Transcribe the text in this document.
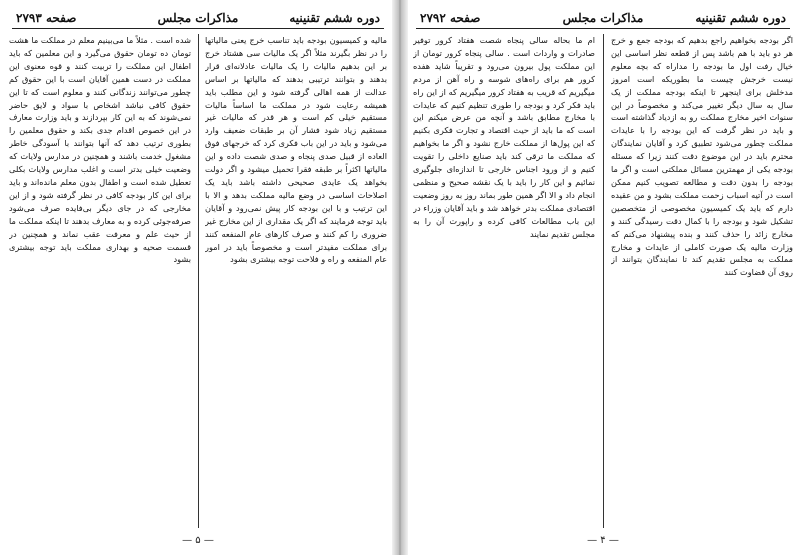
دوره ششم تقنینیه
مذاکرات مجلس
صفحه ۲۷۹۳
مالیه و کمیسیون بودجه باید تناسب خرج یعنی مالیاتها را در نظر بگیرند مثلاً اگر یک مالیات سی هشتاد خرج بر این بدهیم مالیات را یک مالیات عادلانه‌ای قرار بدهند و بتوانند ترتیبی بدهند که مالیاتها بر اساس عدالت از همه اهالی گرفته شود و این مطلب باید همیشه رعایت شود در مملکت ما اساساً مالیات مستقیم خیلی کم است و هر قدر که مالیات غیر مستقیم زیاد شود فشار آن بر طبقات ضعیف وارد می‌شود و باید در این باب فکری کرد که خرجهای فوق العاده از قبیل صدی پنجاه و صدی شصت داده و این مالیاتها اکثراً بر طبقه فقرا تحمیل میشود و اگر دولت بخواهد یک عایدی صحیحی داشته باشد باید یک اصلاحات اساسی در وضع مالیه مملکت بدهد و الا با این ترتیب و با این بودجه کار پیش نمی‌رود و آقایان باید توجه فرمایند که اگر یک مقداری از این مخارج غیر ضروری را کم کنند و صرف کارهای عام المنفعه کنند برای مملکت مفیدتر است و مخصوصاً باید در امور عام المنفعه و راه و فلاحت توجه بیشتری بشود
شده است . مثلاً ما می‌بینیم معلم در مملکت ما هشت تومان ده تومان حقوق می‌گیرد و این معلمین که باید اطفال این مملکت را تربیت کنند و قوه معنوی این مملکت در دست همین آقایان است با این حقوق کم چطور می‌توانند زندگانی کنند و معلوم است که تا این حقوق کافی نباشد اشخاص با سواد و لایق حاضر نمی‌شوند که به این کار بپردازند و باید وزارت معارف در این خصوص اقدام جدی بکند و حقوق معلمین را بطوری ترتیب دهد که آنها بتوانند با آسودگی خاطر مشغول خدمت باشند و همچنین در مدارس ولایات که وضعیت خیلی بدتر است و اغلب مدارس ولایات بکلی تعطیل شده است و اطفال بدون معلم مانده‌اند و باید برای این کار بودجه کافی در نظر گرفته شود و از این مخارجی که در جای دیگر بی‌فایده صرف می‌شود صرفه‌جوئی کرده و به معارف بدهند تا اینکه مملکت ما از حیث علم و معرفت عقب نماند و همچنین در قسمت صحیه و بهداری مملکت باید توجه بیشتری بشود
— ۵ —
دوره ششم تقنینیه
مذاکرات مجلس
صفحه ۲۷۹۲
اگر بودجه بخواهیم راجع بدهیم که بودجه جمع و خرج هر دو باید با هم باشد پس از قطعه نظر اساسی این خیال رفت اول ما بودجه را مداراه که بچه معلوم نیست خرجش چیست ما بطوریکه است امروز مدخلش برای اینجهر تا اینکه بودجه مملکت از یک سال به سال دیگر تغییر می‌کند و مخصوصاً در این سنوات اخیر مخارج مملکت رو به ازدیاد گذاشته است و باید در نظر گرفت که این بودجه را با عایدات مملکت چطور می‌شود تطبیق کرد و آقایان نمایندگان محترم باید در این موضوع دقت کنند زیرا که مسئله بودجه یکی از مهمترین مسائل مملکتی است و اگر ما بودجه را بدون دقت و مطالعه تصویب کنیم ممکن است در آتیه اسباب زحمت مملکت بشود و من عقیده دارم که باید یک کمیسیون مخصوصی از متخصصین تشکیل شود و بودجه را با کمال دقت رسیدگی کنند و مخارج زائد را حذف کنند و بنده پیشنهاد می‌کنم که وزارت مالیه یک صورت کاملی از عایدات و مخارج مملکت به مجلس تقدیم کند تا نمایندگان بتوانند از روی آن قضاوت کنند
ام ما بحاله سالی پنجاه شصت هفتاد کرور توفیر صادرات و واردات است . سالی پنجاه کرور تومان از این مملکت پول بیرون می‌رود و تقریباً شاید هفده کرور هم برای راه‌های شوسه و راه آهن از مردم میگیریم که قریب به هفتاد کرور میگیریم که از این راه باید فکر کرد و بودجه را طوری تنظیم کنیم که عایدات با مخارج مطابق باشد و آنچه من عرض میکنم این است که ما باید از حیث اقتصاد و تجارت فکری بکنیم که این پول‌ها از مملکت خارج نشود و اگر ما بخواهیم که مملکت ما ترقی کند باید صنایع داخلی را تقویت کنیم و از ورود اجناس خارجی تا اندازه‌ای جلوگیری نمائیم و این کار را باید با یک نقشه صحیح و منظمی انجام داد و الا اگر همین طور بماند روز به روز وضعیت اقتصادی مملکت بدتر خواهد شد و باید آقایان وزراء در این باب مطالعات کافی کرده و راپورت آن را به مجلس تقدیم نمایند
— ۴ —
